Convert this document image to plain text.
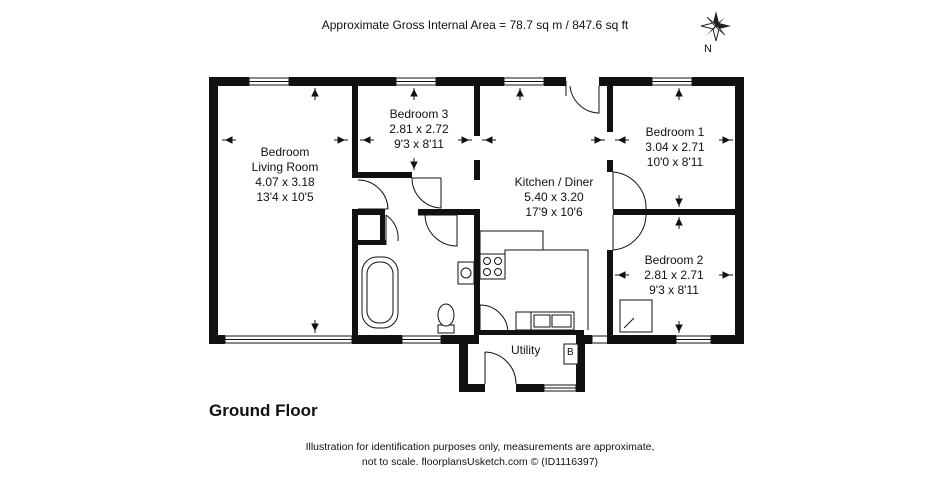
Approximate Gross Internal Area = 78.7 sq m / 847.6 sq ft
N
Bedroom
Living Room
4.07 x 3.18
13'4 x 10'5
Bedroom 3
2.81 x 2.72
9'3 x 8'11
Kitchen / Diner
5.40 x 3.20
17'9 x 10'6
Bedroom 1
3.04 x 2.71
10'0 x 8'11
Bedroom 2
2.81 x 2.71
9'3 x 8'11
Utility	B
Ground Floor
Illustration for identification purposes only, measurements are approximate,
not to scale. floorplansUsketch.com © (ID1116397)
